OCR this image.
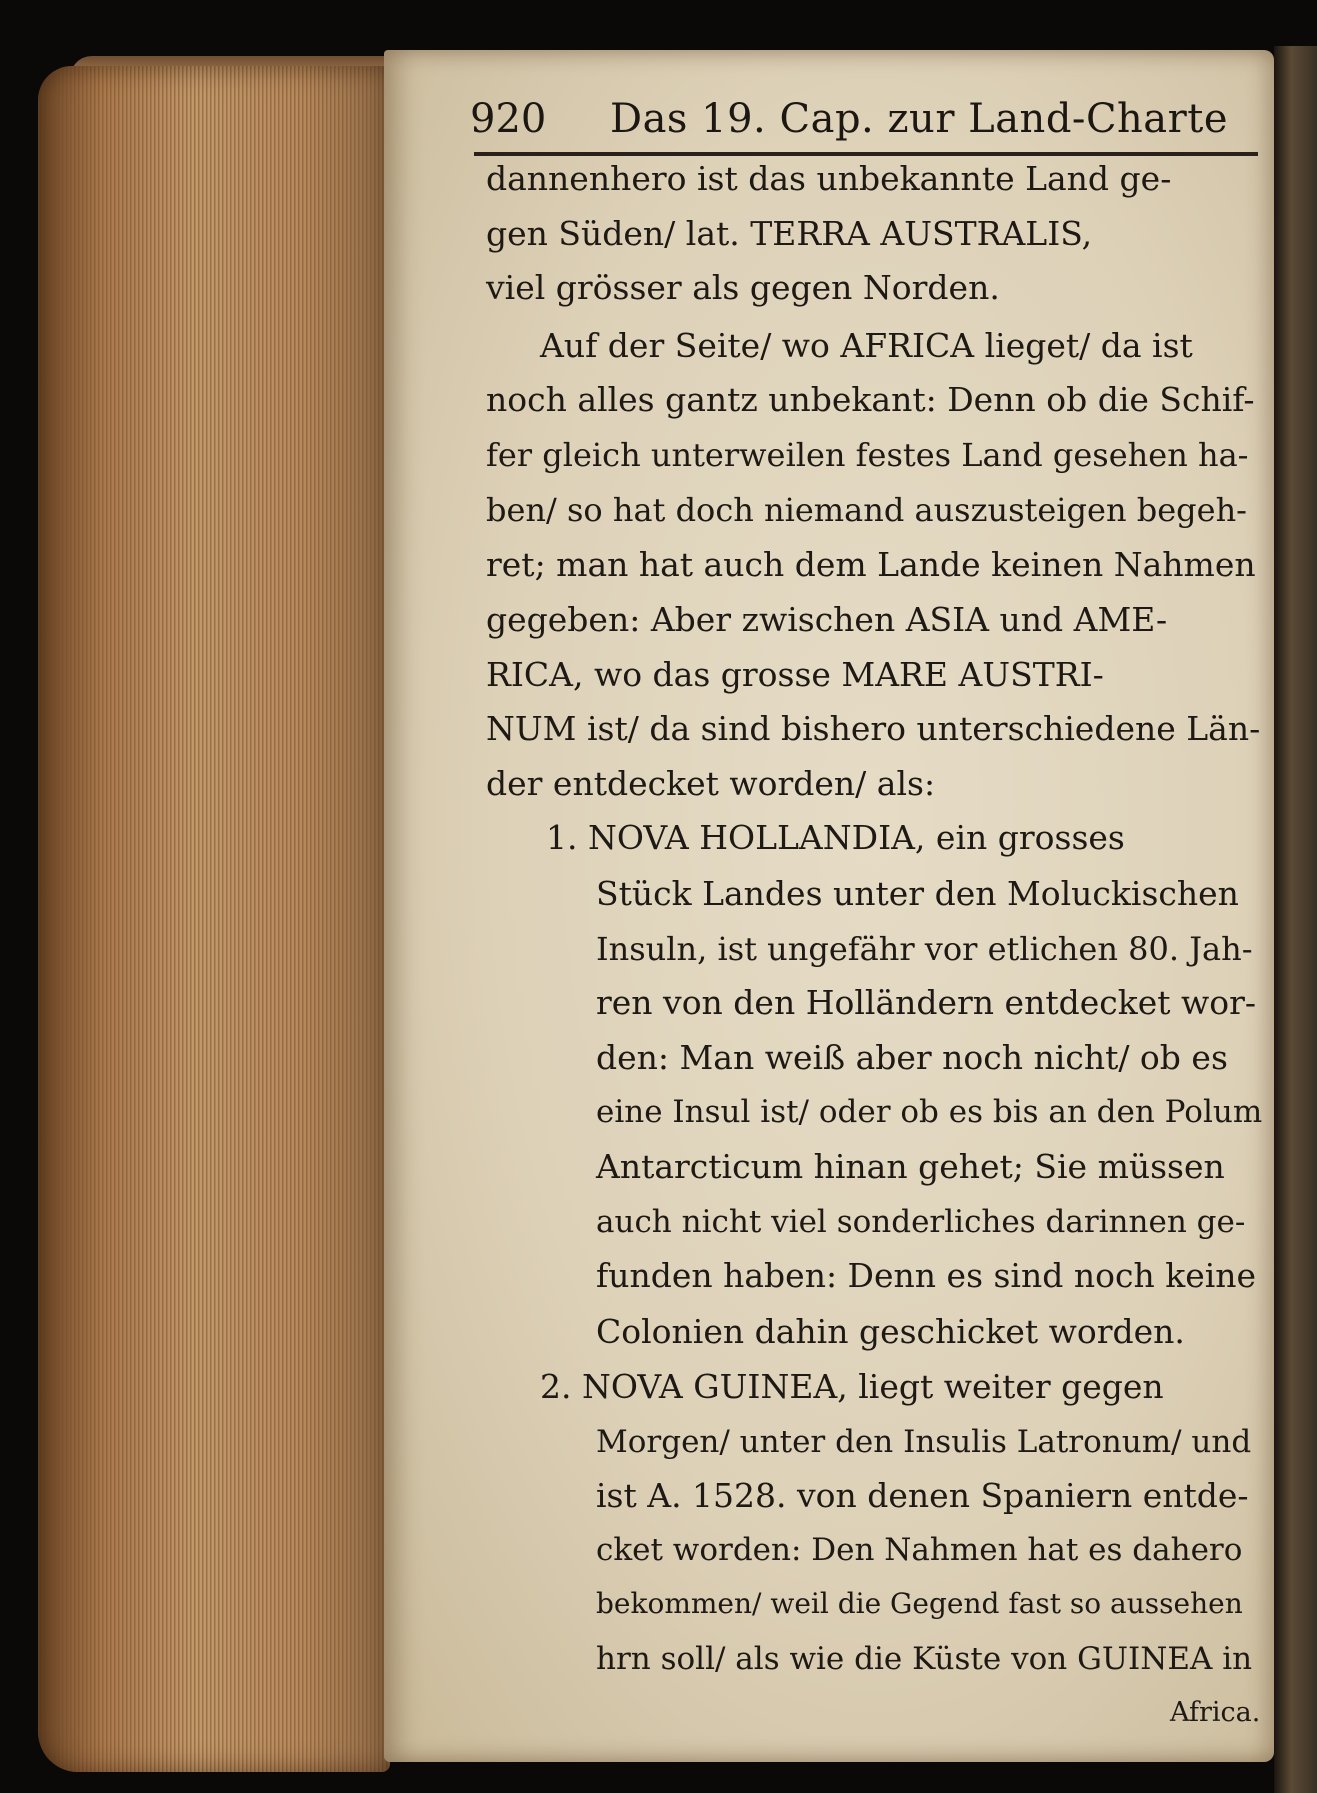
920 Das 19. Cap. zur Land-Charte
dannenhero ist das unbekannte Land ge-
gen Süden/ lat. TERRA AUSTRALIS,
viel grösser als gegen Norden.
Auf der Seite/ wo AFRICA lieget/ da ist
noch alles gantz unbekant: Denn ob die Schif-
fer gleich unterweilen festes Land gesehen ha-
ben/ so hat doch niemand auszusteigen begeh-
ret; man hat auch dem Lande keinen Nahmen
gegeben: Aber zwischen ASIA und AME-
RICA, wo das grosse MARE AUSTRI-
NUM ist/ da sind bishero unterschiedene Län-
der entdecket worden/ als:
1. NOVA HOLLANDIA, ein grosses
Stück Landes unter den Moluckischen
Insuln, ist ungefähr vor etlichen 80. Jah-
ren von den Holländern entdecket wor-
den: Man weiß aber noch nicht/ ob es
eine Insul ist/ oder ob es bis an den Polum
Antarcticum hinan gehet; Sie müssen
auch nicht viel sonderliches darinnen ge-
funden haben: Denn es sind noch keine
Colonien dahin geschicket worden.
2. NOVA GUINEA, liegt weiter gegen
Morgen/ unter den Insulis Latronum/ und
ist A. 1528. von denen Spaniern entde-
cket worden: Den Nahmen hat es dahero
bekommen/ weil die Gegend fast so aussehen
hrn soll/ als wie die Küste von GUINEA in
Africa.
